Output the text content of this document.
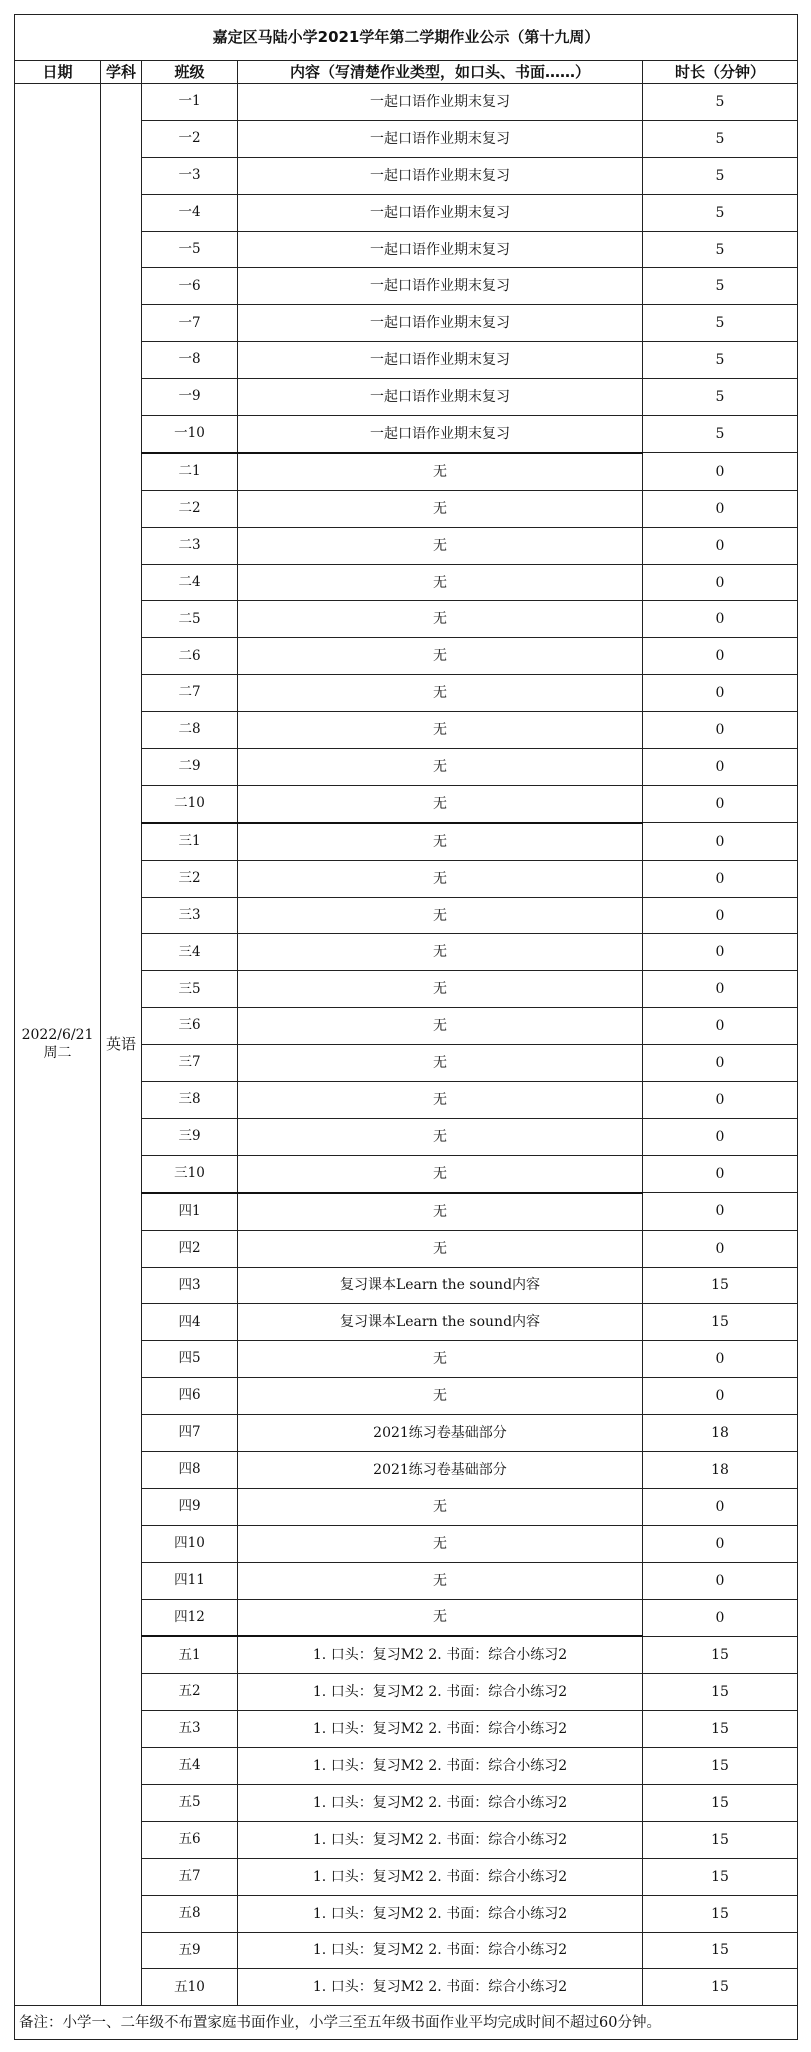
嘉定区马陆小学2021学年第二学期作业公示（第十九周）				
日期	学科	班级	内容（写清楚作业类型，如口头、书面……）	时长（分钟）

2022/6/21
周二	英语	一1	一起口语作业期末复习	5
		一2	一起口语作业期末复习	5
		一3	一起口语作业期末复习	5
		一4	一起口语作业期末复习	5
		一5	一起口语作业期末复习	5
		一6	一起口语作业期末复习	5
		一7	一起口语作业期末复习	5
		一8	一起口语作业期末复习	5
		一9	一起口语作业期末复习	5
		一10	一起口语作业期末复习	5
		二1	无	0
		二2	无	0
		二3	无	0
		二4	无	0
		二5	无	0
		二6	无	0
		二7	无	0
		二8	无	0
		二9	无	0
		二10	无	0
		三1	无	0
		三2	无	0
		三3	无	0
		三4	无	0
		三5	无	0
		三6	无	0
		三7	无	0
		三8	无	0
		三9	无	0
		三10	无	0
		四1	无	0
		四2	无	0
		四3	复习课本Learn the sound内容	15
		四4	复习课本Learn the sound内容	15
		四5	无	0
		四6	无	0
		四7	2021练习卷基础部分	18
		四8	2021练习卷基础部分	18
		四9	无	0
		四10	无	0
		四11	无	0
		四12	无	0
		五1	1. 口头：复习M2 2. 书面：综合小练习2	15
		五2	1. 口头：复习M2 2. 书面：综合小练习2	15
		五3	1. 口头：复习M2 2. 书面：综合小练习2	15
		五4	1. 口头：复习M2 2. 书面：综合小练习2	15
		五5	1. 口头：复习M2 2. 书面：综合小练习2	15
		五6	1. 口头：复习M2 2. 书面：综合小练习2	15
		五7	1. 口头：复习M2 2. 书面：综合小练习2	15
		五8	1. 口头：复习M2 2. 书面：综合小练习2	15
		五9	1. 口头：复习M2 2. 书面：综合小练习2	15
		五10	1. 口头：复习M2 2. 书面：综合小练习2	15
备注：小学一、二年级不布置家庭书面作业，小学三至五年级书面作业平均完成时间不超过60分钟。				
